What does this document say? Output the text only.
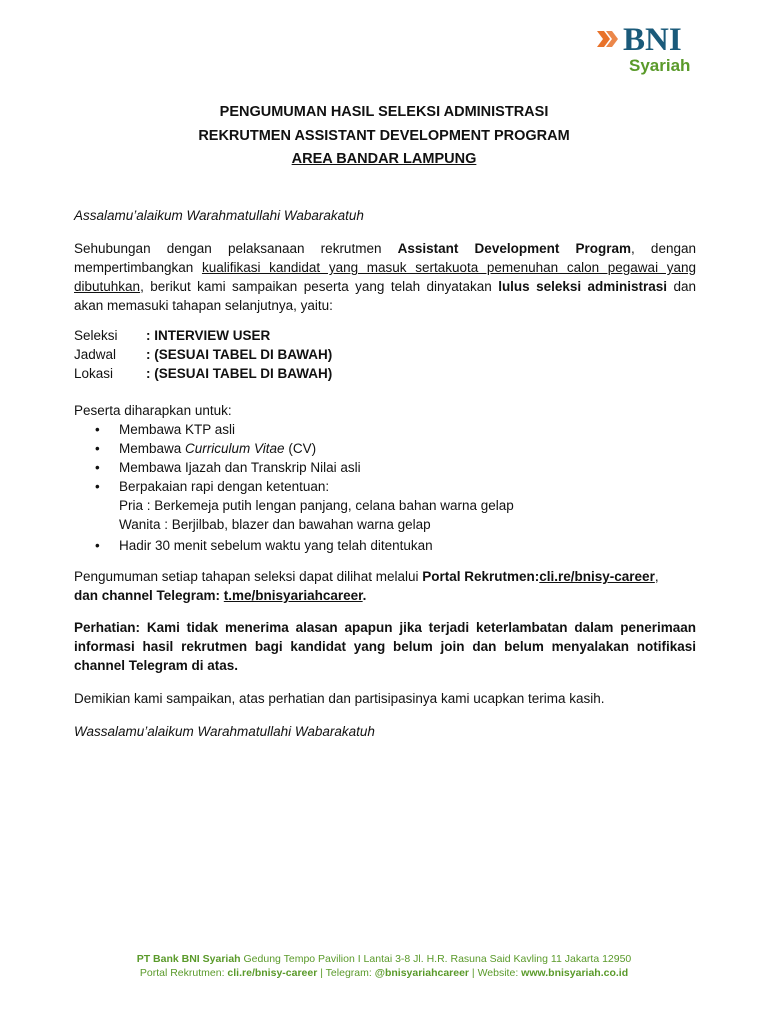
BNI
Syariah
PENGUMUMAN HASIL SELEKSI ADMINISTRASI
REKRUTMEN ASSISTANT DEVELOPMENT PROGRAM
AREA BANDAR LAMPUNG
Assalamu’alaikum Warahmatullahi Wabarakatuh
Sehubungan dengan pelaksanaan rekrutmen Assistant Development Program, dengan mempertimbangkan kualifikasi kandidat yang masuk sertakuota pemenuhan calon pegawai yang dibutuhkan, berikut kami sampaikan peserta yang telah dinyatakan lulus seleksi administrasi dan akan memasuki tahapan selanjutnya, yaitu:
Seleksi : INTERVIEW USER
Jadwal : (SESUAI TABEL DI BAWAH)
Lokasi : (SESUAI TABEL DI BAWAH)
Peserta diharapkan untuk:
• Membawa KTP asli
• Membawa Curriculum Vitae (CV)
• Membawa Ijazah dan Transkrip Nilai asli
• Berpakaian rapi dengan ketentuan:
Pria : Berkemeja putih lengan panjang, celana bahan warna gelap
Wanita : Berjilbab, blazer dan bawahan warna gelap
• Hadir 30 menit sebelum waktu yang telah ditentukan
Pengumuman setiap tahapan seleksi dapat dilihat melalui Portal Rekrutmen:cli.re/bnisy-career,
dan channel Telegram: t.me/bnisyariahcareer.
Perhatian: Kami tidak menerima alasan apapun jika terjadi keterlambatan dalam penerimaan informasi hasil rekrutmen bagi kandidat yang belum join dan belum menyalakan notifikasi channel Telegram di atas.
Demikian kami sampaikan, atas perhatian dan partisipasinya kami ucapkan terima kasih.
Wassalamu’alaikum Warahmatullahi Wabarakatuh
PT Bank BNI Syariah Gedung Tempo Pavilion I Lantai 3-8 Jl. H.R. Rasuna Said Kavling 11 Jakarta 12950
Portal Rekrutmen: cli.re/bnisy-career | Telegram: @bnisyariahcareer | Website: www.bnisyariah.co.id
